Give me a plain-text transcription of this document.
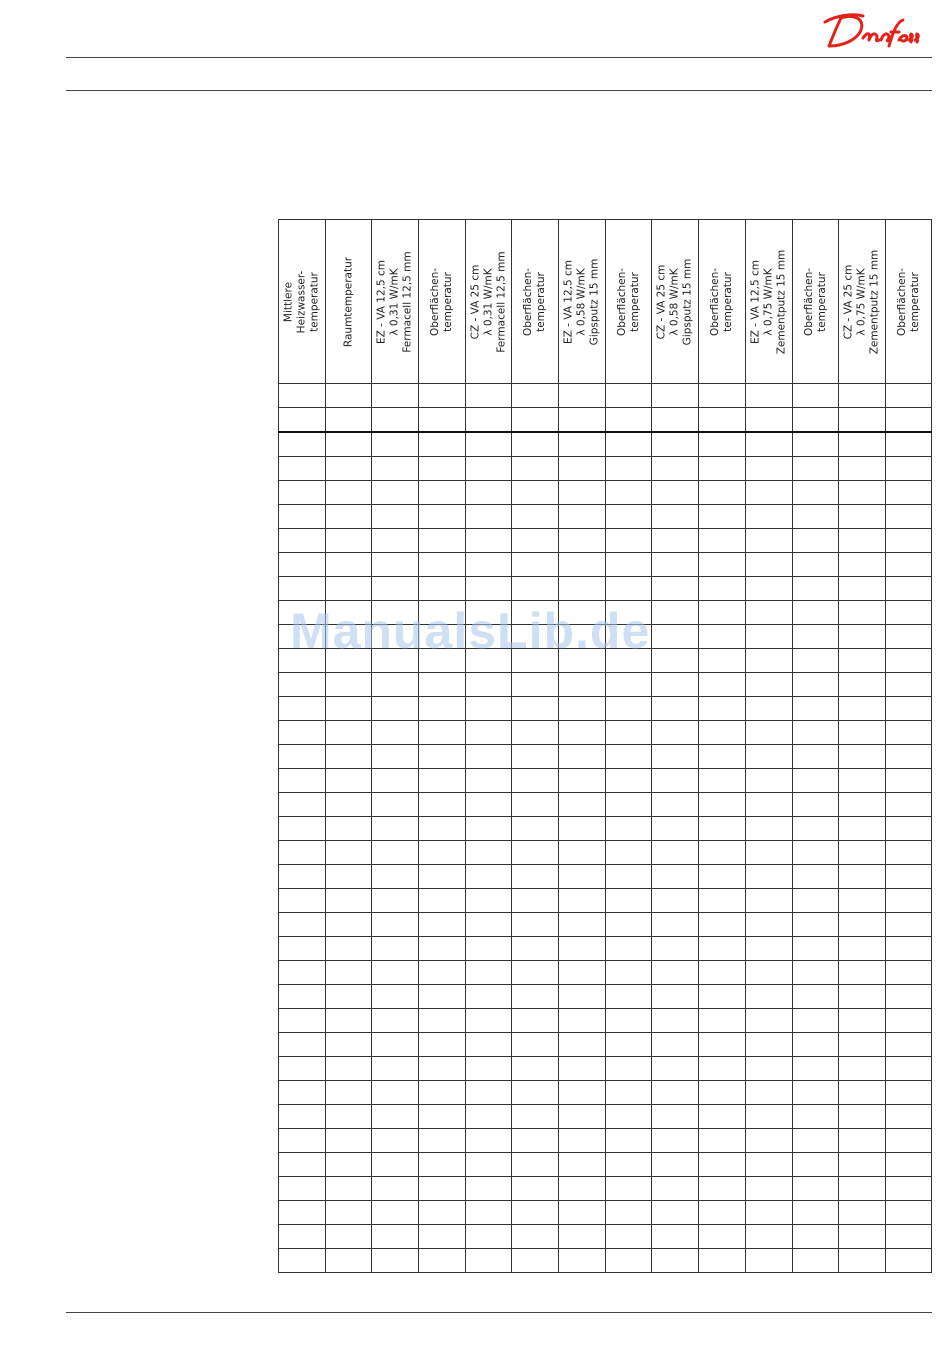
Mittlere
Heizwasser-
temperatur	Raumtemperatur	EZ - VA 12,5 cm
λ 0,31 W/mK
Fermacell 12,5 mm	Oberflächen-
temperatur	CZ - VA 25 cm
λ 0,31 W/mK
Fermacell 12,5 mm	Oberflächen-
temperatur	EZ - VA 12,5 cm
λ 0,58 W/mK
Gipsputz 15 mm	Oberflächen-
temperatur	CZ - VA 25 cm
λ 0,58 W/mK
Gipsputz 15 mm	Oberflächen-
temperatur	EZ - VA 12,5 cm
λ 0,75 W/mK
Zementputz 15 mm	Oberflächen-
temperatur	CZ - VA 25 cm
λ 0,75 W/mK
Zementputz 15 mm	Oberflächen-
temperatur

ManualsLib.de
